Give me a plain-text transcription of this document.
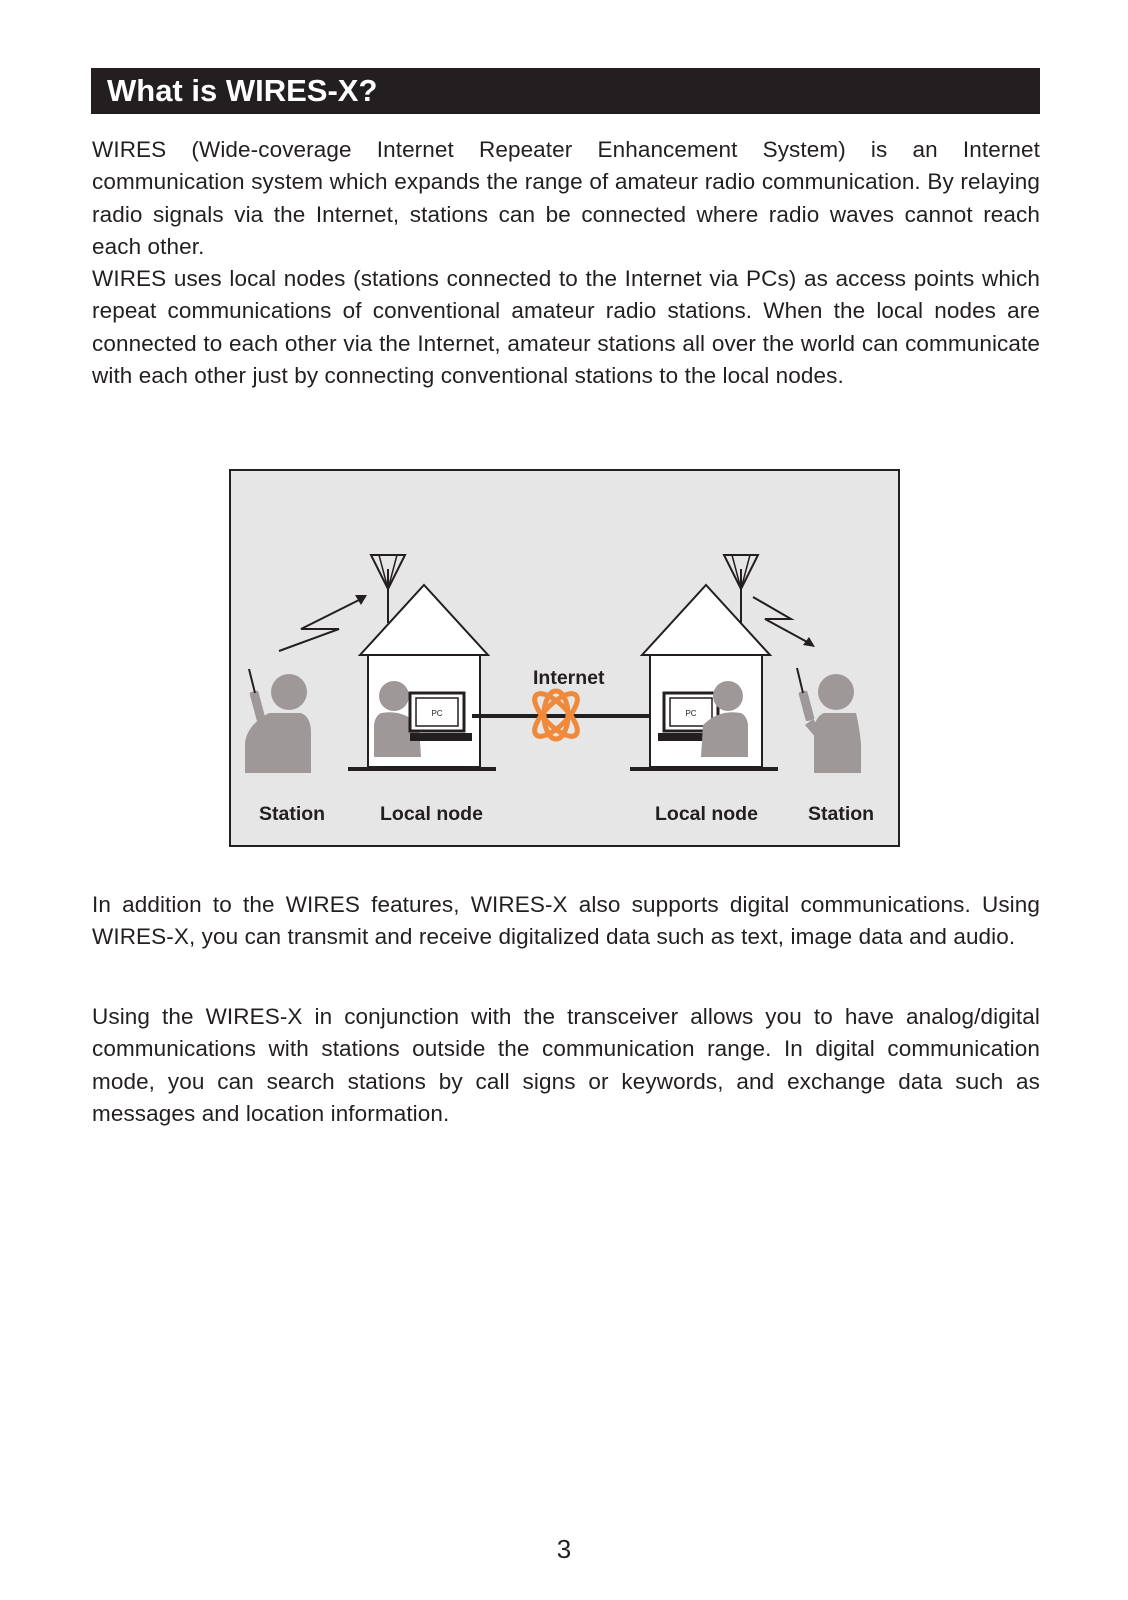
What is WIRES-X?

WIRES (Wide-coverage Internet Repeater Enhancement System) is an Internet communication system which expands the range of amateur radio communication. By relaying radio signals via the Internet, stations can be connected where radio waves cannot reach each other.

WIRES uses local nodes (stations connected to the Internet via PCs) as access points which repeat communications of conventional amateur radio stations. When the local nodes are connected to each other via the Internet, amateur stations all over the world can communicate with each other just by connecting conventional stations to the local nodes.

PC	PC
Station	Local node
Internet
Local node	Station

In addition to the WIRES features, WIRES-X also supports digital communications. Using WIRES-X, you can transmit and receive digitalized data such as text, image data and audio.

Using the WIRES-X in conjunction with the transceiver allows you to have analog/digital communications with stations outside the communication range. In digital communication mode, you can search stations by call signs or keywords, and exchange data such as messages and location information.

3
